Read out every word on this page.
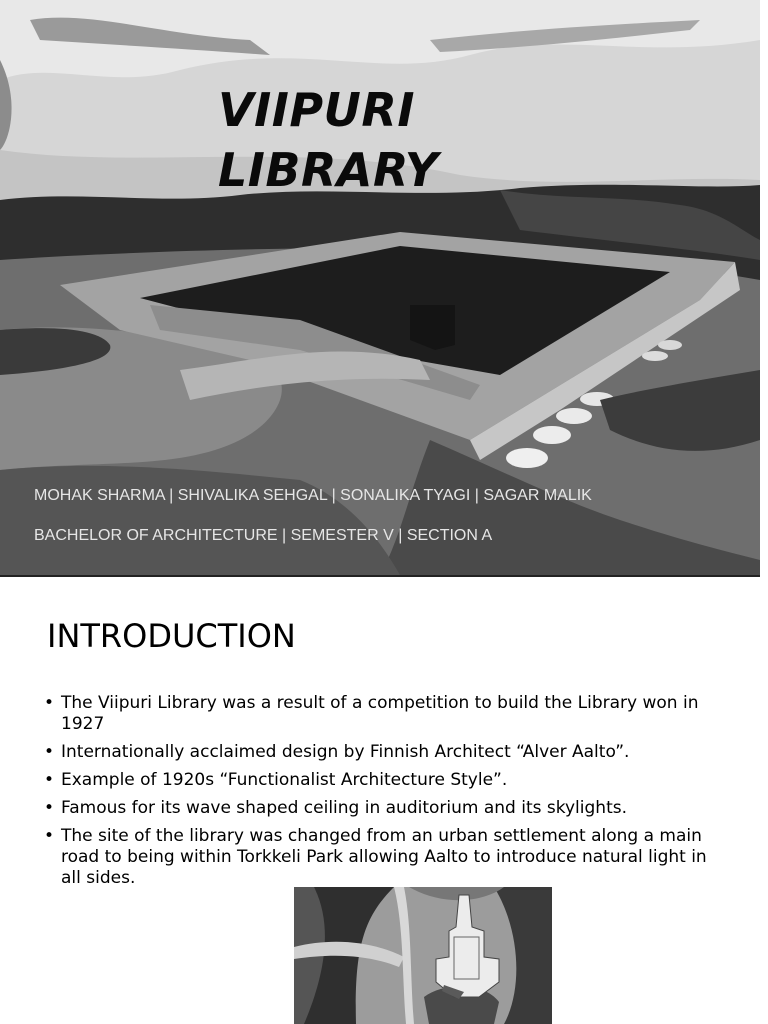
VIIPURI
LIBRARY
MOHAK SHARMA | SHIVALIKA SEHGAL | SONALIKA TYAGI | SAGAR MALIK
BACHELOR OF ARCHITECTURE | SEMESTER V | SECTION A
INTRODUCTION
• The Viipuri Library was a result of a competition to build the Library won in 1927
• Internationally acclaimed design by Finnish Architect “Alver Aalto”.
• Example of 1920s “Functionalist Architecture Style”.
• Famous for its wave shaped ceiling in auditorium and its skylights.
• The site of the library was changed from an urban settlement along a main road to being within Torkkeli Park allowing Aalto to introduce natural light in all sides.
